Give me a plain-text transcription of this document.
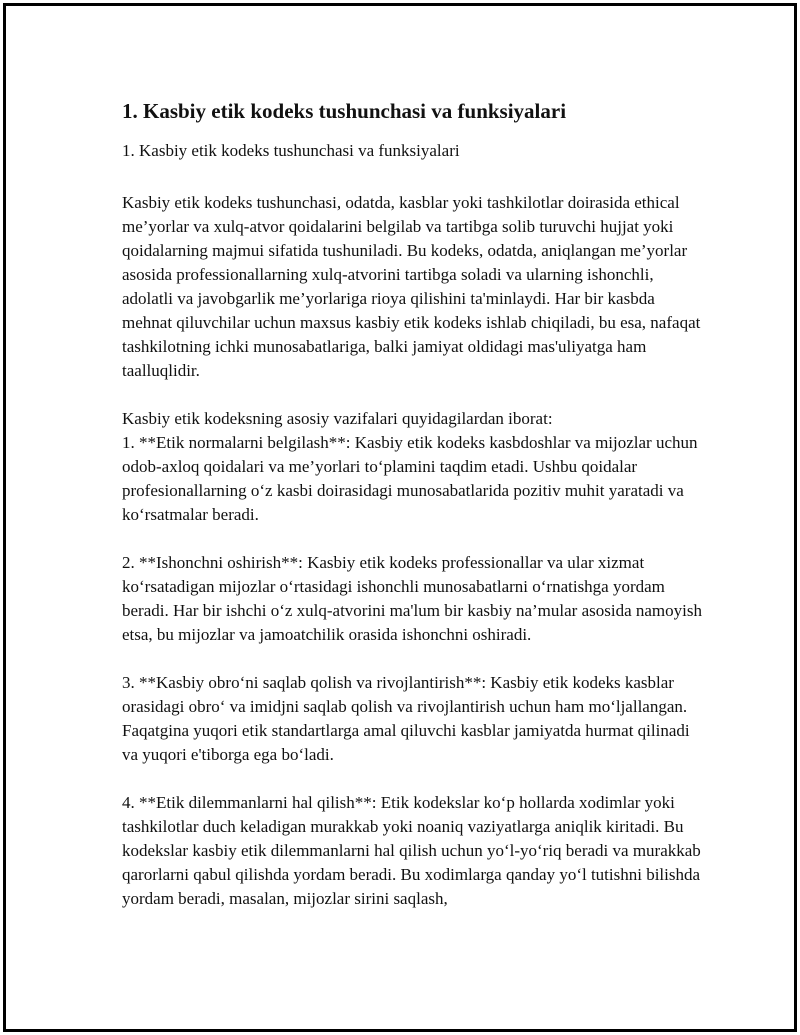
1. Kasbiy etik kodeks tushunchasi va funksiyalari

1. Kasbiy etik kodeks tushunchasi va funksiyalari

Kasbiy etik kodeks tushunchasi, odatda, kasblar yoki tashkilotlar doirasida ethical me’yorlar va xulq-atvor qoidalarini belgilab va tartibga solib turuvchi hujjat yoki qoidalarning majmui sifatida tushuniladi. Bu kodeks, odatda, aniqlangan me’yorlar asosida professionallarning xulq-atvorini tartibga soladi va ularning ishonchli, adolatli va javobgarlik me’yorlariga rioya qilishini ta'minlaydi. Har bir kasbda mehnat qiluvchilar uchun maxsus kasbiy etik kodeks ishlab chiqiladi, bu esa, nafaqat tashkilotning ichki munosabatlariga, balki jamiyat oldidagi mas'uliyatga ham taalluqlidir.

Kasbiy etik kodeksning asosiy vazifalari quyidagilardan iborat:

1. **Etik normalarni belgilash**: Kasbiy etik kodeks kasbdoshlar va mijozlar uchun odob-axloq qoidalari va me’yorlari to‘plamini taqdim etadi. Ushbu qoidalar profesionallarning o‘z kasbi doirasidagi munosabatlarida pozitiv muhit yaratadi va ko‘rsatmalar beradi.

2. **Ishonchni oshirish**: Kasbiy etik kodeks professionallar va ular xizmat ko‘rsatadigan mijozlar o‘rtasidagi ishonchli munosabatlarni o‘rnatishga yordam beradi. Har bir ishchi o‘z xulq-atvorini ma'lum bir kasbiy na’mular asosida namoyish etsa, bu mijozlar va jamoatchilik orasida ishonchni oshiradi.

3. **Kasbiy obro‘ni saqlab qolish va rivojlantirish**: Kasbiy etik kodeks kasblar orasidagi obro‘ va imidjni saqlab qolish va rivojlantirish uchun ham mo‘ljallangan. Faqatgina yuqori etik standartlarga amal qiluvchi kasblar jamiyatda hurmat qilinadi va yuqori e'tiborga ega bo‘ladi.

4. **Etik dilemmanlarni hal qilish**: Etik kodekslar ko‘p hollarda xodimlar yoki tashkilotlar duch keladigan murakkab yoki noaniq vaziyatlarga aniqlik kiritadi. Bu kodekslar kasbiy etik dilemmanlarni hal qilish uchun yo‘l-yo‘riq beradi va murakkab qarorlarni qabul qilishda yordam beradi. Bu xodimlarga qanday yo‘l tutishni bilishda yordam beradi, masalan, mijozlar sirini saqlash,
